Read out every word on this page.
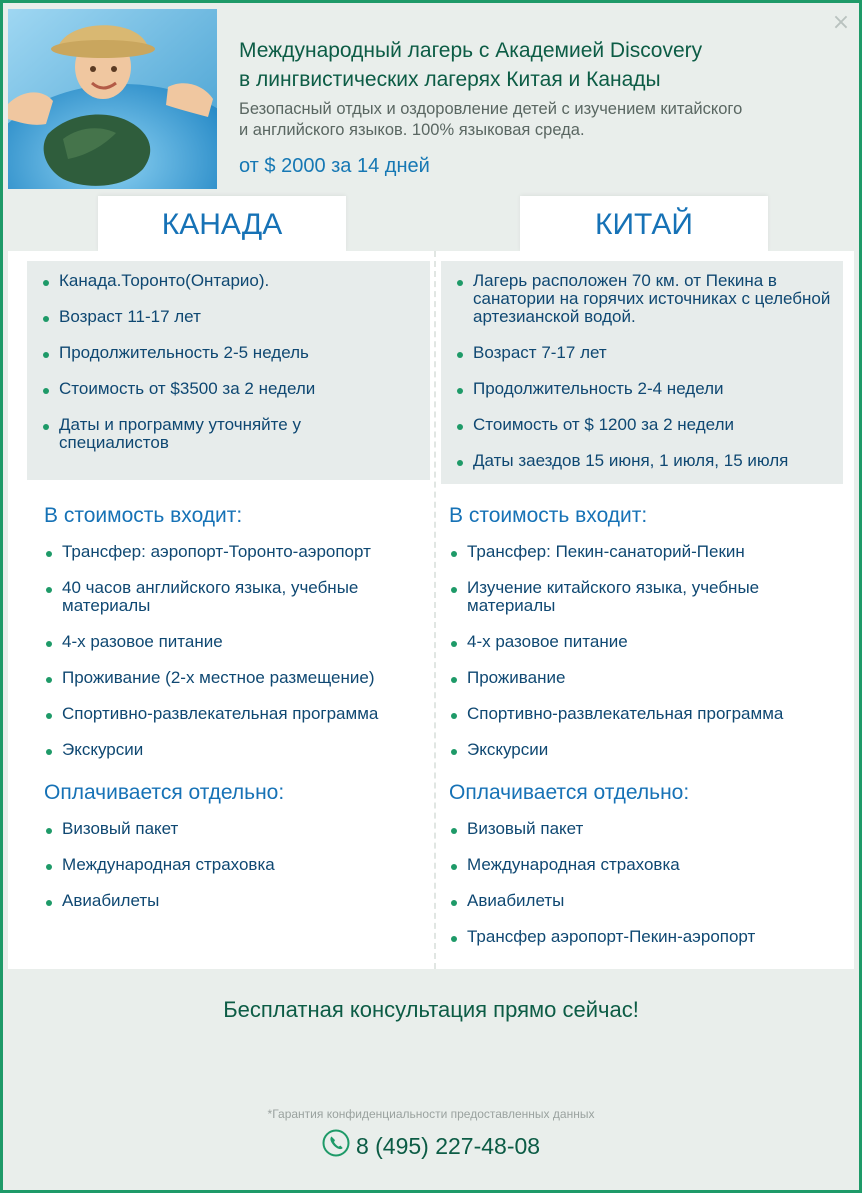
×
Международный лагерь с Академией Discovery
в лингвистических лагерях Китая и Канады
Безопасный отдых и оздоровление детей с изучением китайского
и английского языков. 100% языковая среда.
от $ 2000 за 14 дней
КАНАДА	КИТАЙ
Канада.Торонто(Онтарио).
Возраст 11-17 лет
Продолжительность 2-5 недель
Стоимость от $3500 за 2 недели
Даты и программу уточняйте у специалистов
В стоимость входит:
Трансфер: аэропорт-Торонто-аэропорт
40 часов английского языка, учебные материалы
4-х разовое питание
Проживание (2-х местное размещение)
Спортивно-развлекательная программа
Экскурсии
Оплачивается отдельно:
Визовый пакет
Международная страховка
Авиабилеты
Лагерь расположен 70 км. от Пекина в санатории на горячих источниках с целебной артезианской водой.
Возраст 7-17 лет
Продолжительность 2-4 недели
Стоимость от $ 1200 за 2 недели
Даты заездов 15 июня, 1 июля, 15 июля
В стоимость входит:
Трансфер: Пекин-санаторий-Пекин
Изучение китайского языка, учебные материалы
4-х разовое питание
Проживание
Спортивно-развлекательная программа
Экскурсии
Оплачивается отдельно:
Визовый пакет
Международная страховка
Авиабилеты
Трансфер аэропорт-Пекин-аэропорт
Бесплатная консультация прямо сейчас!
*Гарантия конфиденциальности предоставленных данных
8 (495) 227-48-08
